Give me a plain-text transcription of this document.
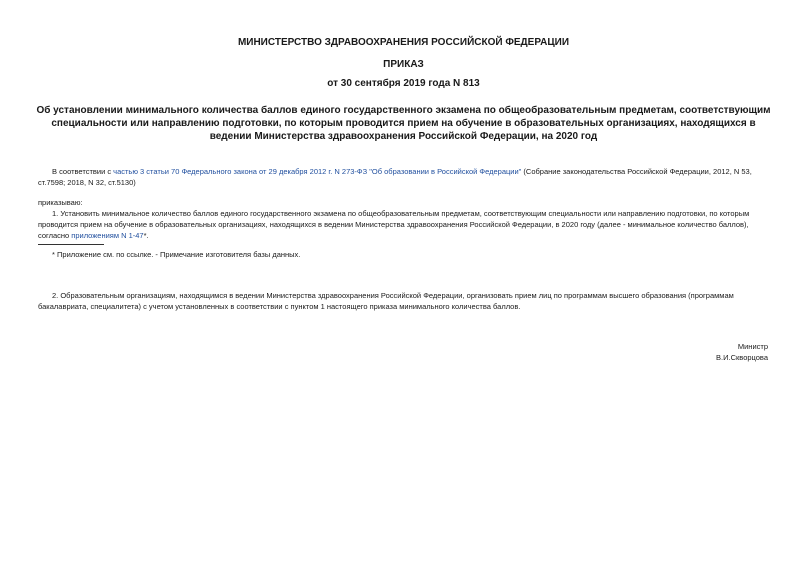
МИНИСТЕРСТВО ЗДРАВООХРАНЕНИЯ РОССИЙСКОЙ ФЕДЕРАЦИИ
ПРИКАЗ
от 30 сентября 2019 года N 813
Об установлении минимального количества баллов единого государственного экзамена по общеобразовательным предметам, соответствующим специальности или направлению подготовки, по которым проводится прием на обучение в образовательных организациях, находящихся в ведении Министерства здравоохранения Российской Федерации, на 2020 год
В соответствии с частью 3 статьи 70 Федерального закона от 29 декабря 2012 г. N 273-ФЗ "Об образовании в Российской Федерации" (Собрание законодательства Российской Федерации, 2012, N 53, ст.7598; 2018, N 32, ст.5130)
приказываю:
1. Установить минимальное количество баллов единого государственного экзамена по общеобразовательным предметам, соответствующим специальности или направлению подготовки, по которым проводится прием на обучение в образовательных организациях, находящихся в ведении Министерства здравоохранения Российской Федерации, в 2020 году (далее - минимальное количество баллов), согласно приложениям N 1-47*.
* Приложение см. по ссылке. - Примечание изготовителя базы данных.
2. Образовательным организациям, находящимся в ведении Министерства здравоохранения Российской Федерации, организовать прием лиц по программам высшего образования (программам бакалавриата, специалитета) с учетом установленных в соответствии с пунктом 1 настоящего приказа минимального количества баллов.
Министр
В.И.Скворцова
